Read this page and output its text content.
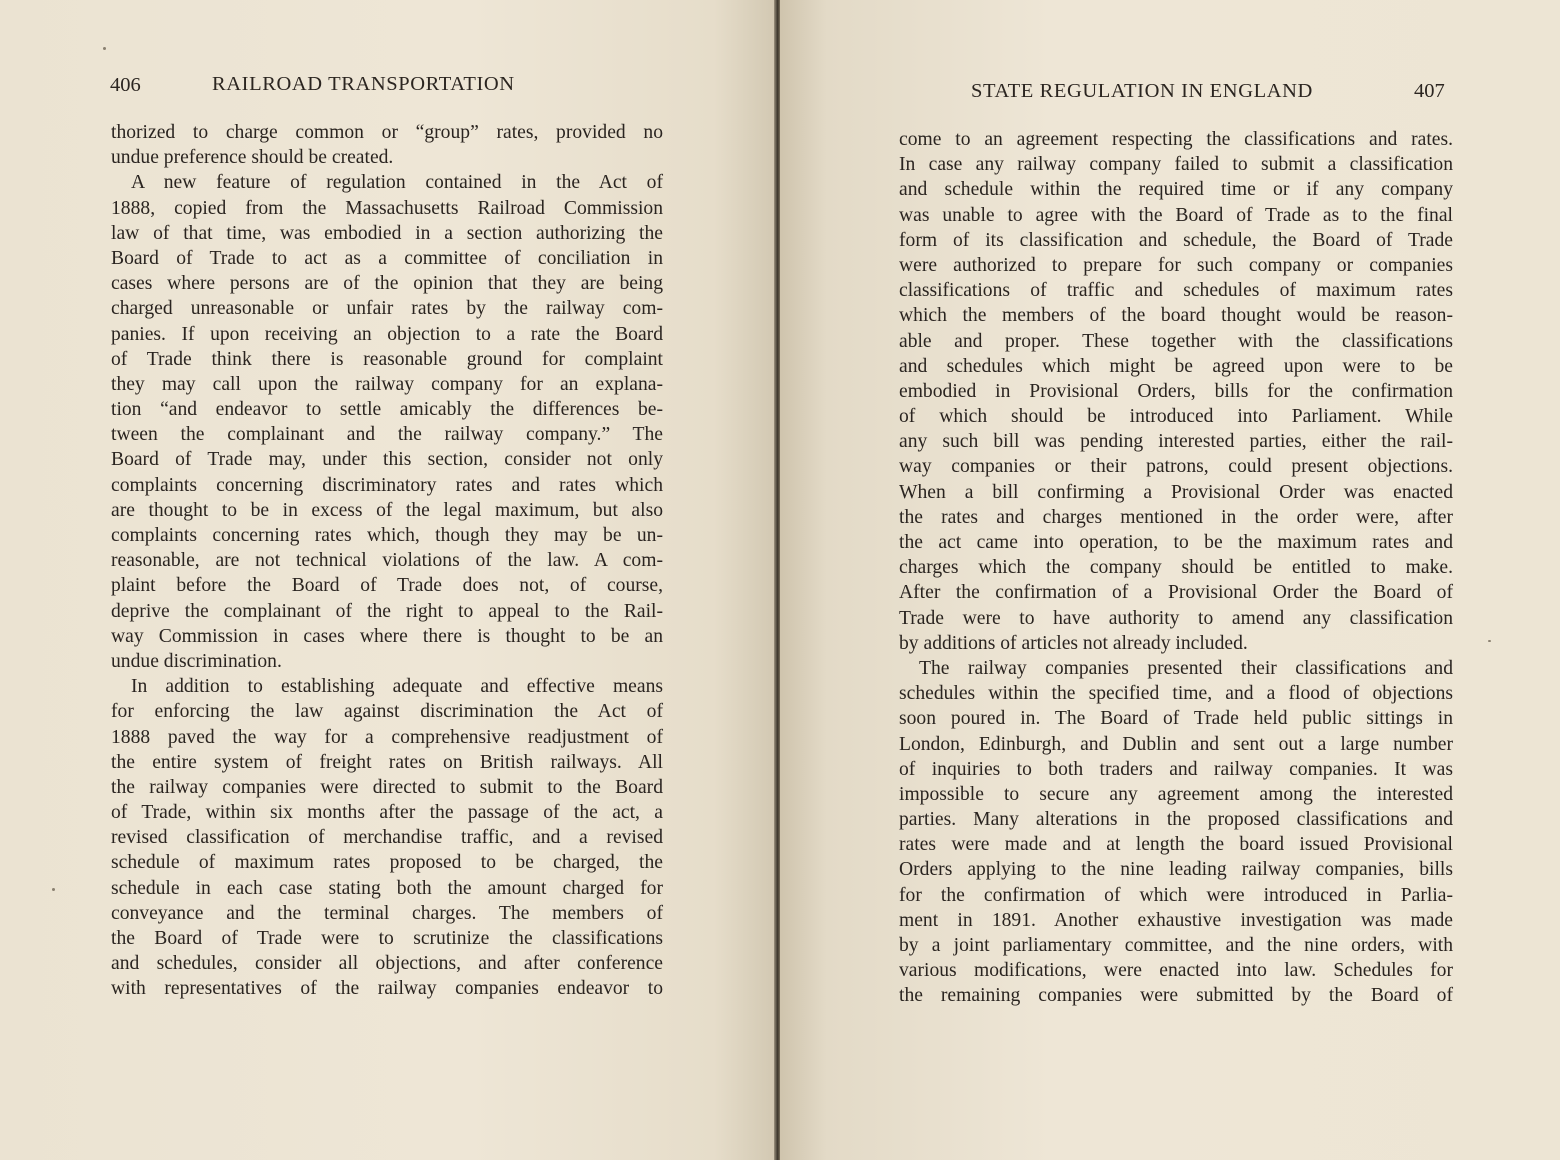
406	RAILROAD TRANSPORTATION
thorized to charge common or “group” rates, provided no
undue preference should be created.
A new feature of regulation contained in the Act of
1888, copied from the Massachusetts Railroad Commission
law of that time, was embodied in a section authorizing the
Board of Trade to act as a committee of conciliation in
cases where persons are of the opinion that they are being
charged unreasonable or unfair rates by the railway com-
panies. If upon receiving an objection to a rate the Board
of Trade think there is reasonable ground for complaint
they may call upon the railway company for an explana-
tion “and endeavor to settle amicably the differences be-
tween the complainant and the railway company.” The
Board of Trade may, under this section, consider not only
complaints concerning discriminatory rates and rates which
are thought to be in excess of the legal maximum, but also
complaints concerning rates which, though they may be un-
reasonable, are not technical violations of the law. A com-
plaint before the Board of Trade does not, of course,
deprive the complainant of the right to appeal to the Rail-
way Commission in cases where there is thought to be an
undue discrimination.
In addition to establishing adequate and effective means
for enforcing the law against discrimination the Act of
1888 paved the way for a comprehensive readjustment of
the entire system of freight rates on British railways. All
the railway companies were directed to submit to the Board
of Trade, within six months after the passage of the act, a
revised classification of merchandise traffic, and a revised
schedule of maximum rates proposed to be charged, the
schedule in each case stating both the amount charged for
conveyance and the terminal charges. The members of
the Board of Trade were to scrutinize the classifications
and schedules, consider all objections, and after conference
with representatives of the railway companies endeavor to
STATE REGULATION IN ENGLAND	407
come to an agreement respecting the classifications and rates.
In case any railway company failed to submit a classification
and schedule within the required time or if any company
was unable to agree with the Board of Trade as to the final
form of its classification and schedule, the Board of Trade
were authorized to prepare for such company or companies
classifications of traffic and schedules of maximum rates
which the members of the board thought would be reason-
able and proper. These together with the classifications
and schedules which might be agreed upon were to be
embodied in Provisional Orders, bills for the confirmation
of which should be introduced into Parliament. While
any such bill was pending interested parties, either the rail-
way companies or their patrons, could present objections.
When a bill confirming a Provisional Order was enacted
the rates and charges mentioned in the order were, after
the act came into operation, to be the maximum rates and
charges which the company should be entitled to make.
After the confirmation of a Provisional Order the Board of
Trade were to have authority to amend any classification
by additions of articles not already included.
The railway companies presented their classifications and
schedules within the specified time, and a flood of objections
soon poured in. The Board of Trade held public sittings in
London, Edinburgh, and Dublin and sent out a large number
of inquiries to both traders and railway companies. It was
impossible to secure any agreement among the interested
parties. Many alterations in the proposed classifications and
rates were made and at length the board issued Provisional
Orders applying to the nine leading railway companies, bills
for the confirmation of which were introduced in Parlia-
ment in 1891. Another exhaustive investigation was made
by a joint parliamentary committee, and the nine orders, with
various modifications, were enacted into law. Schedules for
the remaining companies were submitted by the Board of
